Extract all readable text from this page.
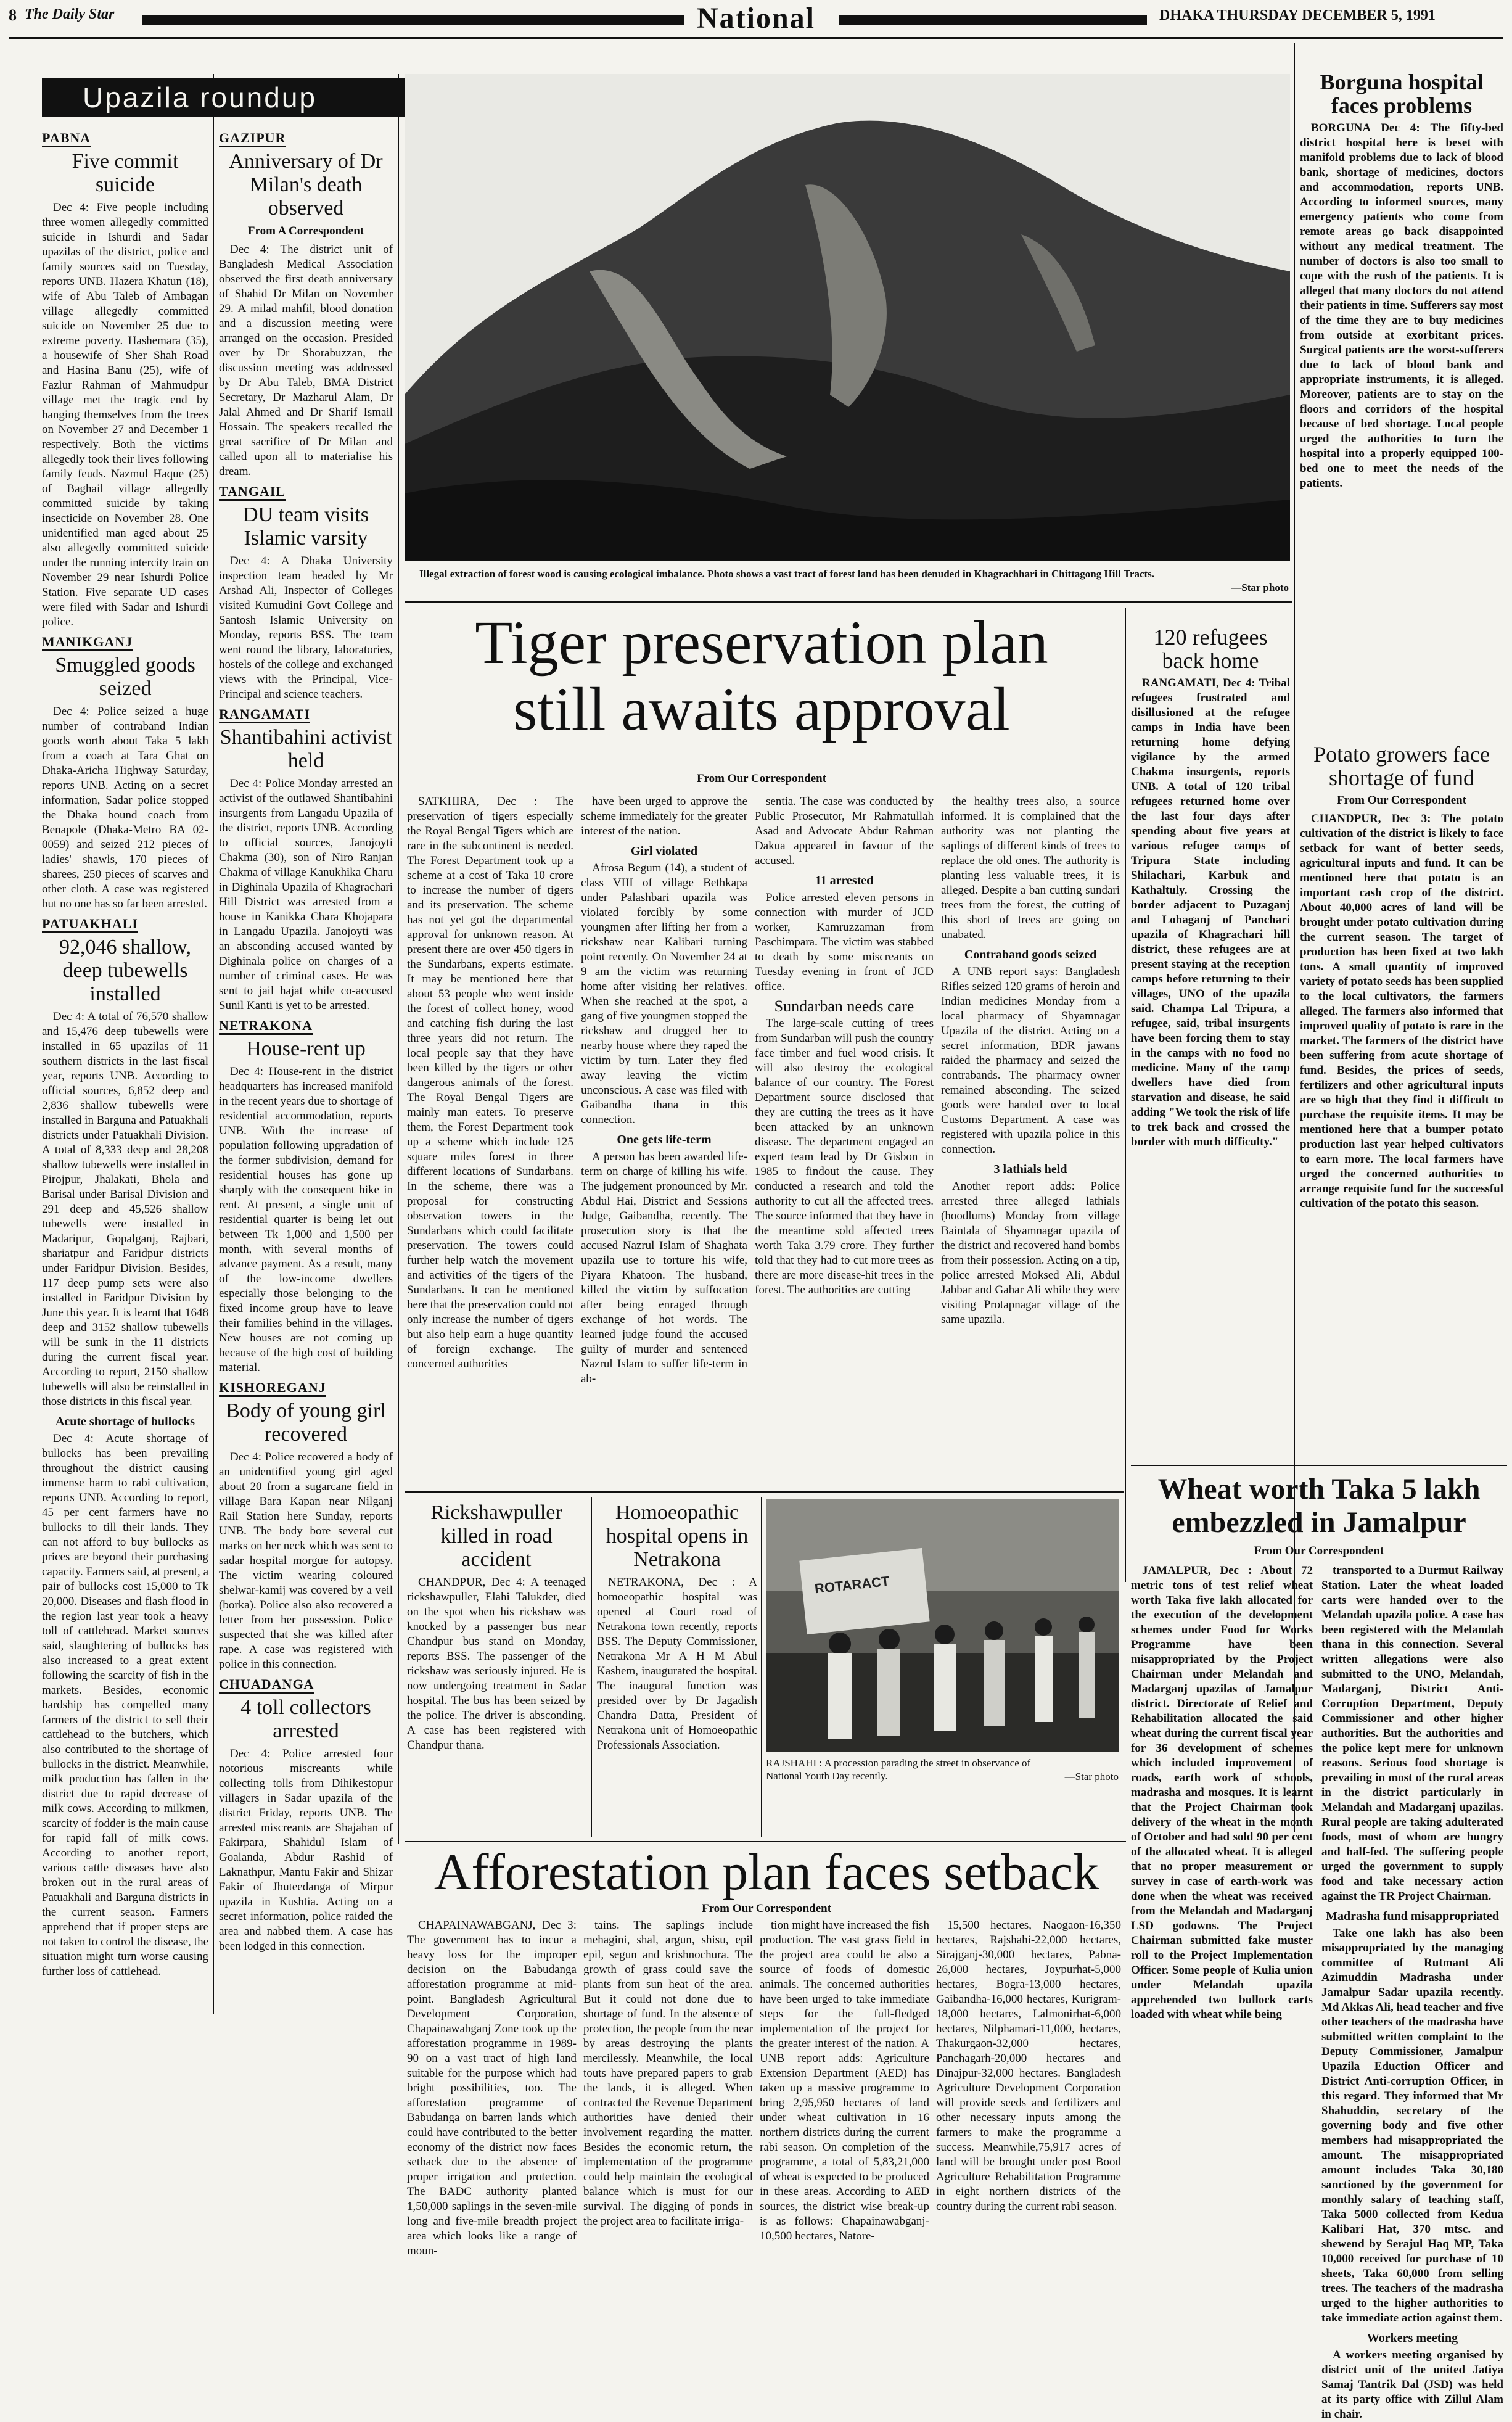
8 The Daily Star	National	DHAKA THURSDAY DECEMBER 5, 1991
Upazila roundup
PABNA
Five commit suicide

Dec 4: Five people including three women allegedly committed suicide in Ishurdi and Sadar upazilas of the district, police and family sources said on Tuesday, reports UNB. Hazera Khatun (18), wife of Abu Taleb of Ambagan village allegedly committed suicide on November 25 due to extreme poverty. Hashemara (35), a housewife of Sher Shah Road and Hasina Banu (25), wife of Fazlur Rahman of Mahmudpur village met the tragic end by hanging themselves from the trees on November 27 and December 1 respectively. Both the victims allegedly took their lives following family feuds. Nazmul Haque (25) of Baghail village allegedly committed suicide by taking insecticide on November 28. One unidentified man aged about 25 also allegedly committed suicide under the running intercity train on November 29 near Ishurdi Police Station. Five separate UD cases were filed with Sadar and Ishurdi police.

MANIKGANJ
Smuggled goods seized

Dec 4: Police seized a huge number of contraband Indian goods worth about Taka 5 lakh from a coach at Tara Ghat on Dhaka-Aricha Highway Saturday, reports UNB. Acting on a secret information, Sadar police stopped the Dhaka bound coach from Benapole (Dhaka-Metro BA 02-0059) and seized 212 pieces of ladies' shawls, 170 pieces of sharees, 250 pieces of scarves and other cloth. A case was registered but no one has so far been arrested.

PATUAKHALI
92,046 shallow, deep tubewells installed

Dec 4: A total of 76,570 shallow and 15,476 deep tubewells were installed in 65 upazilas of 11 southern districts in the last fiscal year, reports UNB. According to official sources, 6,852 deep and 2,836 shallow tubewells were installed in Barguna and Patuakhali districts under Patuakhali Division. A total of 8,333 deep and 28,208 shallow tubewells were installed in Pirojpur, Jhalakati, Bhola and Barisal under Barisal Division and 291 deep and 45,526 shallow tubewells were installed in Madaripur, Gopalganj, Rajbari, shariatpur and Faridpur districts under Faridpur Division. Besides, 117 deep pump sets were also installed in Faridpur Division by June this year. It is learnt that 1648 deep and 3152 shallow tubewells will be sunk in the 11 districts during the current fiscal year. According to report, 2150 shallow tubewells will also be reinstalled in those districts in this fiscal year.

Acute shortage of bullocks

Dec 4: Acute shortage of bullocks has been prevailing throughout the district causing immense harm to rabi cultivation, reports UNB. According to report, 45 per cent farmers have no bullocks to till their lands. They can not afford to buy bullocks as prices are beyond their purchasing capacity. Farmers said, at present, a pair of bullocks cost 15,000 to Tk 20,000. Diseases and flash flood in the region last year took a heavy toll of cattlehead. Market sources said, slaughtering of bullocks has also increased to a great extent following the scarcity of fish in the markets. Besides, economic hardship has compelled many farmers of the district to sell their cattlehead to the butchers, which also contributed to the shortage of bullocks in the district. Meanwhile, milk production has fallen in the district due to rapid decrease of milk cows. According to milkmen, scarcity of fodder is the main cause for rapid fall of milk cows. According to another report, various cattle diseases have also broken out in the rural areas of Patuakhali and Barguna districts in the current season. Farmers apprehend that if proper steps are not taken to control the disease, the situation might turn worse causing further loss of cattlehead.

GAZIPUR
Anniversary of Dr Milan's death observed
From A Correspondent

Dec 4: The district unit of Bangladesh Medical Association observed the first death anniversary of Shahid Dr Milan on November 29. A milad mahfil, blood donation and a discussion meeting were arranged on the occasion. Presided over by Dr Shorabuzzan, the discussion meeting was addressed by Dr Abu Taleb, BMA District Secretary, Dr Mazharul Alam, Dr Jalal Ahmed and Dr Sharif Ismail Hossain. The speakers recalled the great sacrifice of Dr Milan and called upon all to materialise his dream.

TANGAIL
DU team visits Islamic varsity

Dec 4: A Dhaka University inspection team headed by Mr Arshad Ali, Inspector of Colleges visited Kumudini Govt College and Santosh Islamic University on Monday, reports BSS. The team went round the library, laboratories, hostels of the college and exchanged views with the Principal, Vice-Principal and science teachers.

RANGAMATI
Shantibahini activist held

Dec 4: Police Monday arrested an activist of the outlawed Shantibahini insurgents from Langadu Upazila of the district, reports UNB. According to official sources, Janojoyti Chakma (30), son of Niro Ranjan Chakma of village Kanukhika Charu in Dighinala Upazila of Khagrachari Hill District was arrested from a house in Kanikka Chara Khojapara in Langadu Upazila. Janojoyti was an absconding accused wanted by Dighinala police on charges of a number of criminal cases. He was sent to jail hajat while co-accused Sunil Kanti is yet to be arrested.

NETRAKONA
House-rent up

Dec 4: House-rent in the district headquarters has increased manifold in the recent years due to shortage of residential accommodation, reports UNB. With the increase of population following upgradation of the former subdivision, demand for residential houses has gone up sharply with the consequent hike in rent. At present, a single unit of residential quarter is being let out between Tk 1,000 and 1,500 per month, with several months of advance payment. As a result, many of the low-income dwellers especially those belonging to the fixed income group have to leave their families behind in the villages. New houses are not coming up because of the high cost of building material.

KISHOREGANJ
Body of young girl recovered

Dec 4: Police recovered a body of an unidentified young girl aged about 20 from a sugarcane field in village Bara Kapan near Nilganj Rail Station here Sunday, reports UNB. The body bore several cut marks on her neck which was sent to sadar hospital morgue for autopsy. The victim wearing coloured shelwar-kamij was covered by a veil (borka). Police also also recovered a letter from her possession. Police suspected that she was killed after rape. A case was registered with police in this connection.

CHUADANGA
4 toll collectors arrested

Dec 4: Police arrested four notorious miscreants while collecting tolls from Dihikestopur villagers in Sadar upazila of the district Friday, reports UNB. The arrested miscreants are Shajahan of Fakirpara, Shahidul Islam of Goalanda, Abdur Rashid of Laknathpur, Mantu Fakir and Shizar Fakir of Jhuteedanga of Mirpur upazila in Kushtia. Acting on a secret information, police raided the area and nabbed them. A case has been lodged in this connection.

Illegal extraction of forest wood is causing ecological imbalance. Photo shows a vast tract of forest land has been denuded in Khagrachhari in Chittagong Hill Tracts.
—Star photo
Tiger preservation plan
still awaits approval
From Our Correspondent

SATKHIRA, Dec : The preservation of tigers especially the Royal Bengal Tigers which are rare in the subcontinent is needed. The Forest Department took up a scheme at a cost of Taka 10 crore to increase the number of tigers and its preservation. The scheme has not yet got the departmental approval for unknown reason. At present there are over 450 tigers in the Sundarbans, experts estimate. It may be mentioned here that about 53 people who went inside the forest of collect honey, wood and catching fish during the last three years did not return. The local people say that they have been killed by the tigers or other dangerous animals of the forest. The Royal Bengal Tigers are mainly man eaters. To preserve them, the Forest Department took up a scheme which include 125 square miles forest in three different locations of Sundarbans. In the scheme, there was a proposal for constructing observation towers in the Sundarbans which could facilitate preservation. The towers could further help watch the movement and activities of the tigers of the Sundarbans. It can be mentioned here that the preservation could not only increase the number of tigers but also help earn a huge quantity of foreign exchange. The concerned authorities

have been urged to approve the scheme immediately for the greater interest of the nation.

Girl violated

Afrosa Begum (14), a student of class VIII of village Bethkapa under Palashbari upazila was violated forcibly by some youngmen after lifting her from a rickshaw near Kalibari turning point recently. On November 24 at 9 am the victim was returning home after visiting her relatives. When she reached at the spot, a gang of five youngmen stopped the rickshaw and drugged her to nearby house where they raped the victim by turn. Later they fled away leaving the victim unconscious. A case was filed with Gaibandha thana in this connection.

One gets life-term

A person has been awarded life-term on charge of killing his wife. The judgement pronounced by Mr. Abdul Hai, District and Sessions Judge, Gaibandha, recently. The prosecution story is that the accused Nazrul Islam of Shaghata upazila use to torture his wife, Piyara Khatoon. The husband, killed the victim by suffocation after being enraged through exchange of hot words. The learned judge found the accused guilty of murder and sentenced Nazrul Islam to suffer life-term in ab-

sentia. The case was conducted by Public Prosecutor, Mr Rahmatullah Asad and Advocate Abdur Rahman Dakua appeared in favour of the accused.

11 arrested

Police arrested eleven persons in connection with murder of JCD worker, Kamruzzaman from Paschimpara. The victim was stabbed to death by some miscreants on Tuesday evening in front of JCD office.

Sundarban needs care

The large-scale cutting of trees from Sundarban will push the country face timber and fuel wood crisis. It will also destroy the ecological balance of our country. The Forest Department source disclosed that they are cutting the trees as it have been attacked by an unknown disease. The department engaged an expert team lead by Dr Gisbon in 1985 to findout the cause. They conducted a research and told the authority to cut all the affected trees. The source informed that they have in the meantime sold affected trees worth Taka 3.79 crore. They further told that they had to cut more trees as there are more disease-hit trees in the forest. The authorities are cutting

the healthy trees also, a source informed. It is complained that the authority was not planting the saplings of different kinds of trees to replace the old ones. The authority is planting less valuable trees, it is alleged. Despite a ban cutting sundari trees from the forest, the cutting of this short of trees are going on unabated.

Contraband goods seized

A UNB report says: Bangladesh Rifles seized 120 grams of heroin and Indian medicines Monday from a local pharmacy of Shyamnagar Upazila of the district. Acting on a secret information, BDR jawans raided the pharmacy and seized the contrabands. The pharmacy owner remained absconding. The seized goods were handed over to local Customs Department. A case was registered with upazila police in this connection.

3 lathials held

Another report adds: Police arrested three alleged lathials (hoodlums) Monday from village Baintala of Shyamnagar upazila of the district and recovered hand bombs from their possession. Acting on a tip, police arrested Moksed Ali, Abdul Jabbar and Gahar Ali while they were visiting Protapnagar village of the same upazila.

120 refugees back home

RANGAMATI, Dec 4: Tribal refugees frustrated and disillusioned at the refugee camps in India have been returning home defying vigilance by the armed Chakma insurgents, reports UNB. A total of 120 tribal refugees returned home over the last four days after spending about five years at various refugee camps of Tripura State including Shilachari, Karbuk and Kathaltuly. Crossing the border adjacent to Puzaganj and Lohaganj of Panchari upazila of Khagrachari hill district, these refugees are at present staying at the reception camps before returning to their villages, UNO of the upazila said. Champa Lal Tripura, a refugee, said, tribal insurgents have been forcing them to stay in the camps with no food no medicine. Many of the camp dwellers have died from starvation and disease, he said adding "We took the risk of life to trek back and crossed the border with much difficulty."

Borguna hospital faces problems

BORGUNA Dec 4: The fifty-bed district hospital here is beset with manifold problems due to lack of blood bank, shortage of medicines, doctors and accommodation, reports UNB. According to informed sources, many emergency patients who come from remote areas go back disappointed without any medical treatment. The number of doctors is also too small to cope with the rush of the patients. It is alleged that many doctors do not attend their patients in time. Sufferers say most of the time they are to buy medicines from outside at exorbitant prices. Surgical patients are the worst-sufferers due to lack of blood bank and appropriate instruments, it is alleged. Moreover, patients are to stay on the floors and corridors of the hospital because of bed shortage. Local people urged the authorities to turn the hospital into a properly equipped 100-bed one to meet the needs of the patients.

Potato growers face shortage of fund
From Our Correspondent

CHANDPUR, Dec 3: The potato cultivation of the district is likely to face setback for want of better seeds, agricultural inputs and fund. It can be mentioned here that potato is an important cash crop of the district. About 40,000 acres of land will be brought under potato cultivation during the current season. The target of production has been fixed at two lakh tons. A small quantity of improved variety of potato seeds has been supplied to the local cultivators, the farmers alleged. The farmers also informed that improved quality of potato is rare in the market. The farmers of the district have been suffering from acute shortage of fund. Besides, the prices of seeds, fertilizers and other agricultural inputs are so high that they find it difficult to purchase the requisite items. It may be mentioned here that a bumper potato production last year helped cultivators to earn more. The local farmers have urged the concerned authorities to arrange requisite fund for the successful cultivation of the potato this season.

Wheat worth Taka 5 lakh
embezzled in Jamalpur
From Our Correspondent

JAMALPUR, Dec : About 72 metric tons of test relief wheat worth Taka five lakh allocated for the execution of the development schemes under Food for Works Programme have been misappropriated by the Project Chairman under Melandah and Madarganj upazilas of Jamalpur district. Directorate of Relief and Rehabilitation allocated the said wheat during the current fiscal year for 36 development of schemes which included improvement of roads, earth work of schools, madrasha and mosques. It is learnt that the Project Chairman took delivery of the wheat in the month of October and had sold 90 per cent of the allocated wheat. It is alleged that no proper measurement or survey in case of earth-work was done when the wheat was received from the Melandah and Madarganj LSD godowns. The Project Chairman submitted fake muster roll to the Project Implementation Officer. Some people of Kulia union under Melandah upazila apprehended two bullock carts loaded with wheat while being

transported to a Durmut Railway Station. Later the wheat loaded carts were handed over to the Melandah upazila police. A case has been registered with the Melandah thana in this connection. Several written allegations were also submitted to the UNO, Melandah, Madarganj, District Anti-Corruption Department, Deputy Commissioner and other higher authorities. But the authorities and the police kept mere for unknown reasons. Serious food shortage is prevailing in most of the rural areas in the district particularly in Melandah and Madarganj upazilas. Rural people are taking adulterated foods, most of whom are hungry and half-fed. The suffering people urged the government to supply food and take necessary action against the TR Project Chairman.

Madrasha fund misappropriated

Take one lakh has also been misappropriated by the managing committee of Rutmant Ali Azimuddin Madrasha under Jamalpur Sadar upazila recently. Md Akkas Ali, head teacher and five other teachers of the madrasha have submitted written complaint to the Deputy Commissioner, Jamalpur Upazila Eduction Officer and District Anti-corruption Officer, in this regard. They informed that Mr Shahuddin, secretary of the governing body and five other members had misappropriated the amount. The misappropriated amount includes Taka 30,180 sanctioned by the government for monthly salary of teaching staff, Taka 5000 collected from Kedua Kalibari Hat, 370 mtsc. and shewend by Serajul Haq MP, Taka 10,000 received for purchase of 10 sheets, Taka 60,000 from selling trees. The teachers of the madrasha urged to the higher authorities to take immediate action against them.

Workers meeting

A workers meeting organised by district unit of the united Jatiya Samaj Tantrik Dal (JSD) was held at its party office with Zillul Alam in chair.

Rickshawpuller killed in road accident

CHANDPUR, Dec 4: A teenaged rickshawpuller, Elahi Talukder, died on the spot when his rickshaw was knocked by a passenger bus near Chandpur bus stand on Monday, reports BSS. The passenger of the rickshaw was seriously injured. He is now undergoing treatment in Sadar hospital. The bus has been seized by the police. The driver is absconding. A case has been registered with Chandpur thana.

Homoeopathic hospital opens in Netrakona

NETRAKONA, Dec : A homoeopathic hospital was opened at Court road of Netrakona town recently, reports BSS. The Deputy Commissioner, Netrakona Mr A H M Abul Kashem, inaugurated the hospital. The inaugural function was presided over by Dr Jagadish Chandra Datta, President of Netrakona unit of Homoeopathic Professionals Association.

ROTARACT
RAJSHAHI : A procession parading the street in observance of National Youth Day recently.	—Star photo
Afforestation plan faces setback
From Our Correspondent

CHAPAINAWABGANJ, Dec 3: The government has to incur a heavy loss for the improper decision on the Babudanga afforestation programme at mid-point. Bangladesh Agricultural Development Corporation, Chapainawabganj Zone took up the afforestation programme in 1989-90 on a vast tract of high land suitable for the purpose which had bright possibilities, too. The afforestation programme of Babudanga on barren lands which could have contributed to the better economy of the district now faces setback due to the absence of proper irrigation and protection. The BADC authority planted 1,50,000 saplings in the seven-mile long and five-mile breadth project area which looks like a range of moun-

tains. The saplings include mehagini, shal, argun, shisu, epil epil, segun and krishnochura. The growth of grass could save the plants from sun heat of the area. But it could not done due to shortage of fund. In the absence of protection, the people from the near by areas destroying the plants mercilessly. Meanwhile, the local touts have prepared papers to grab the lands, it is alleged. When contracted the Revenue Department authorities have denied their involvement regarding the matter. Besides the economic return, the implementation of the programme could help maintain the ecological balance which is must for our survival. The digging of ponds in the project area to facilitate irriga-

tion might have increased the fish production. The vast grass field in the project area could be also a source of foods of domestic animals. The concerned authorities have been urged to take immediate steps for the full-fledged implementation of the project for the greater interest of the nation. A UNB report adds: Agriculture Extension Department (AED) has taken up a massive programme to bring 2,95,950 hectares of land under wheat cultivation in 16 northern districts during the current rabi season. On completion of the programme, a total of 5,83,21,000 of wheat is expected to be produced in these areas. According to AED sources, the district wise break-up is as follows: Chapainawabganj-10,500 hectares, Natore-

15,500 hectares, Naogaon-16,350 hectares, Rajshahi-22,000 hectares, Sirajganj-30,000 hectares, Pabna-26,000 hectares, Joypurhat-5,000 hectares, Bogra-13,000 hectares, Gaibandha-16,000 hectares, Kurigram-18,000 hectares, Lalmonirhat-6,000 hectares, Nilphamari-11,000, hectares, Thakurgaon-32,000 hectares, Panchagarh-20,000 hectares and Dinajpur-32,000 hectares. Bangladesh Agriculture Development Corporation will provide seeds and fertilizers and other necessary inputs among the farmers to make the programme a success. Meanwhile,75,917 acres of land will be brought under post Bood Agriculture Rehabilitation Programme in eight northern districts of the country during the current rabi season.
